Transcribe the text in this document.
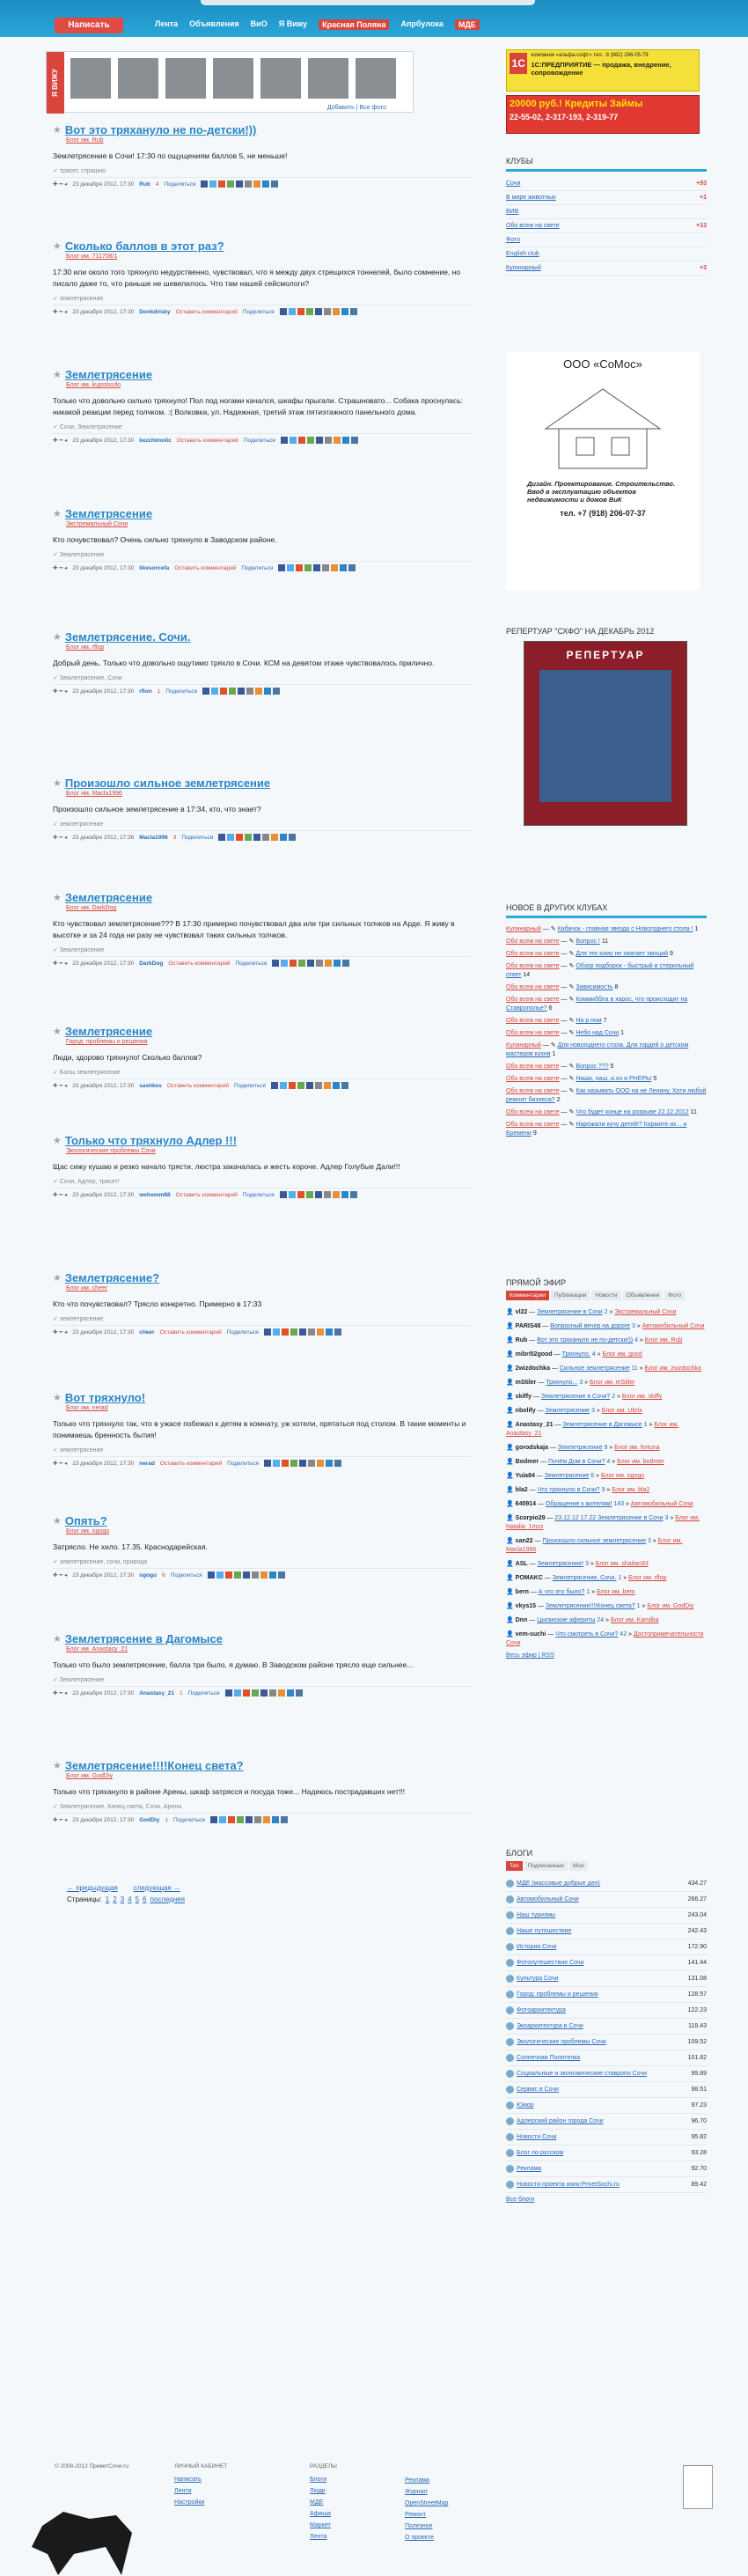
Написать	Лента Объявления ВиО Я Вижу	Красная Поляна	Апрбулока	МДЕ
Я ВИЖУ
Добавить | Все фото
★ Вот это тряхануло не по-детски!))
Блог им. Rub
Землетрясение в Сочи! 17:30 по ощущениям баллов 5, не меньше!
✓ трясет, страшно
✚ ━ ◂ 23 декабря 2012, 17:30 Rub 4 Поделиться
★ Сколько баллов в этот раз?
Блог им. 711708/1
17:30 или около того тряхнуло недурственно, чувствовал, что я между двух стрещихся тоннелей, было сомнение, но писало даже то, что раньше не шевелилось. Что там нашей сейсмологи?
✓ землетрясение
✚ ━ ◂ 23 декабря 2012, 17:30 Donkdrisky Оставить комментарий Поделиться
★ Землетрясение
Блог им. kupstoodo
Только что довольно сильно тряхнуло! Пол под ногами качался, шкафы прыгали. Страшновато... Собака проснулась: никакой реакции перед толчком. :( Волковка, ул. Надежная, третий этаж пятиэтажного панельного дома.
✓ Сочи, Землетрясение
✚ ━ ◂ 23 декабря 2012, 17:30 kezzhimolic Оставить комментарий Поделиться
★ Землетрясение
Экстремальный Сочи
Кто почувствовал? Очень сильно тряхнуло в Заводском районе.
✓ Землетрясение
✚ ━ ◂ 23 декабря 2012, 17:30 likesorcefa Оставить комментарий Поделиться
★ Землетрясение. Сочи.
Блог им. rflop
Добрый день. Только что довольно ощутимо тряхло в Сочи. КСМ на девятом этаже чувствовалось прилично.
✓ Землетрясение, Сочи
✚ ━ ◂ 23 декабря 2012, 17:30 rflon 1 Поделиться
★ Произошло сильное землетрясение
Блог им. Macla1996
Произошло сильное землетрясение в 17:34, кто, что знает?
✓ землетрясение
✚ ━ ◂ 23 декабря 2012, 17:36 Macla1996 3 Поделиться
★ Землетрясение
Блог им. DarkDog
Кто чувствовал землетрясение??? В 17:30 примерно почувствовал два или три сильных толчков на Арде. Я живу в высотке и за 24 года ни разу не чувствовал таких сильных толчков.
✓ Землетрясение
✚ ━ ◂ 23 декабря 2012, 17:30 DarkDog Оставить комментарий Поделиться
★ Землетрясение
Город: проблемы и решения
Люди, здорово тряхнуло! Сколько баллов?
✓ Балы землетрясение
✚ ━ ◂ 23 декабря 2012, 17:30 sashkes Оставить комментарий Поделиться
★ Только что тряхнуло Адлер !!!
Экологические проблемы Сочи
Щас сижу кушаю и резко начало трясти, люстра закачалась и жесть короче. Адлер Голубые Дали!!!
✓ Сочи, Адлер, трясет!
✚ ━ ◂ 23 декабря 2012, 17:30 wehomm88 Оставить комментарий Поделиться
★ Землетрясение?
Блог им. cheer
Кто что почувствовал? Трясло конкретно. Примерно в 17:33
✓ землетрясение
✚ ━ ◂ 23 декабря 2012, 17:30 cheer Оставить комментарий Поделиться
★ Вот тряхнуло!
Блог им. nerad
Только что тряхнуло так, что в ужасе побежал к детям в комнату, уж хотели, прятаться под столом. В такие моменты и понимаешь бренность бытия!
✓ землетрясение
✚ ━ ◂ 23 декабря 2012, 17:30 nerad Оставить комментарий Поделиться
★ Опять?
Блог им. ogogo
Затрясло. Не хило. 17.35. Краснодарейская.
✓ землетрясение, сочи, природа
✚ ━ ◂ 23 декабря 2012, 17:30 ogogo 6 Поделиться
★ Землетрясение в Дагомысе
Блог им. Anastasy_21
Только что было землетрясение, балла три было, я думаю. В Заводском районе трясло еще сильнее...
✓ Землетрясение
✚ ━ ◂ 23 декабря 2012, 17:30 Anastasy_21 1 Поделиться
★ Землетрясение!!!!Конец света?
Блог им. GodDiy
Только что тряхануло в районе Арены, шкаф затрясся и посуда тоже... Надеюсь пострадавших нет!!!
✓ Землетрясение, Конец света, Сочи, Арена
✚ ━ ◂ 23 декабря 2012, 17:30 GodDiy 1 Поделиться
← предыдущая следующая →
Страницы: 1 2 3 4 5 6 последняя
1С
компания «альфа-софт» тел.: 8 (862) 266-05-79
1С:ПРЕДПРИЯТИЕ — продажа, внедрение, сопровождение
20000 руб.! Кредиты Займы
22-55-02, 2-317-193, 2-319-77
КЛУБЫ
Сочи	+93
В мире животных	+1
ВИВ
Обо всем на свете	+13
Фото
English club
Кулинарный	+3
ООО «СоМос»
Дизайн. Проектирование. Строительство. Ввод в эксплуатацию объектов недвижимости и домов ВиК
тел. +7 (918) 206-07-37
РЕПЕРТУАР "СХФО" НА ДЕКАБРЬ 2012
РЕПЕРТУАР
НОВОЕ В ДРУГИХ КЛУБАХ
Кулинарный — ✎ Кабачок - главная звезда с Новогоднего стола ! 1
Обо всем на свете — ✎ Вопрос ! 11
Обо всем на свете — ✎ Для тех кому не хватает эмоций 9
Обо всем на свете — ✎ Обзор подборок - быстрый и стерильный ответ 14
Обо всем на свете — ✎ Зависимость 8
Обо всем на свете — ✎ Коммиббла в харос, что происходит на Ставрополье? 6
Обо всем на свете — ✎ На р ном 7
Обо всем на свете — ✎ Небо над Сочи 1
Кулинарный — ✎ Для новогоднего стола. Для гордей о детском мастеров кухня 1
Обо всем на свете — ✎ Вопрос ??? 5
Обо всем на свете — ✎ Наши, наш, и.хн и РНЕРЫ 5
Обо всем на свете — ✎ Как называть ООО на не Ленину. Хоти любой ремонт бизнеса? 2
Обо всем на свете — ✎ Что будет конце на розрыве 22.12.2012 11
Обо всем на свете — ✎ Нарожали кучу детей!? Кормите их... и Бремени 9
ПРЯМОЙ ЭФИР
Комментарии	Публикации	Новости	Объявления	Фото
👤 vl22 — Землетрясение в Сочи 2 » Экстремальный Сочи
👤 PARIS48 — Вопросный вечер на дороге 3 » Автомобильный Сочи
👤 Rub — Вот это тряхануло не по-детски!)) 4 » Блог им. Rub
👤 mibri52good — Тряхнуло. 4 » Блог им. good
👤 2wizdochka — Сильное землетрясение 11 » Блог им. zvizdochka
👤 mStiler — Тряхнуло... 3 » Блог им. mStiler
👤 skiffy — Землетрясение в Сочи? 2 » Блог им. skiffy
👤 nbolify — Землетрясение 3 » Блог им. Ubrix
👤 Anastasy_21 — Землетрясение в Дагомысе 1 » Блог им. Anastasy_21
👤 gorodskaja — Землетрясение 9 » Блог им. fortuna
👤 Bodmer — Почём Дом в Сочи? 4 » Блог им. bodmer
👤 Yuia84 — Землетрясение 6 » Блог им. ogogo
👤 bla2 — Что тряхнуло в Сочи? 9 » Блог им. bla2
👤 640914 — Обращение к жителям! 143 » Автомобильный Сочи
👤 Scorpio29 — 23.12.12 17.22 Землетрясение в Сочи 3 » Блог им. Natalia_1mzx
👤 san22 — Произошло сильное землетрясение 3 » Блог им. Macla1996
👤 ASL — Землетрясение! 3 » Блог им. shaitan93
👤 POMAKC — Землетрясение, Сочи. 1 » Блог им. rflop
👤 bern — А что это было? 1 » Блог им. bern
👤 vkys15 — Землетрясение!!!!Конец света? 1 » Блог им. GodDiy
👤 Dnn — Цыганские афериты 24 » Блог им. Kamilka
👤 vem-suchi — Что смотреть в Сочи? 42 » Достопримечательности Сочи
Весь эфир | RSS
БЛОГИ
Топ	Подписанные	Мои
МДЕ (массовые добрые дел)	434.27
Автомобильный Сочи	266.27
Наш туризмы	243.04
Наше путешествие	242.43
История Сочи	172.90
Фотопутешествие Сочи	141.44
Культура Сочи	131.08
Город: проблемы и решения	128.57
Фотоархитектура	122.23
Экоархитектура в Сочи	118.43
Экологические проблемы Сочи	109.52
Солнечная Полятелка	101.82
Социальные и экономические ставропо Сочи	99.89
Сервис в Сочи	98.51
Юмор	97.23
Адлерский район города Сочи	96.70
Новости Сочи	95.82
Блог по-русском	93.28
Реклама	92.70
Новости проекта www.PrivetSochi.ru	89.42
Все блоги
© 2008-2012 ПриветСочи.ru	ЛИЧНЫЙ КАБИНЕТ
Написать
Лента
Настройки
РАЗДЕЛЫ
Блоги
Люди
МДЕ
Афиша
Маркет
Лента
Реклама
Журнал
OpenStreetMap
Ремонт
Полезное
О проекте
